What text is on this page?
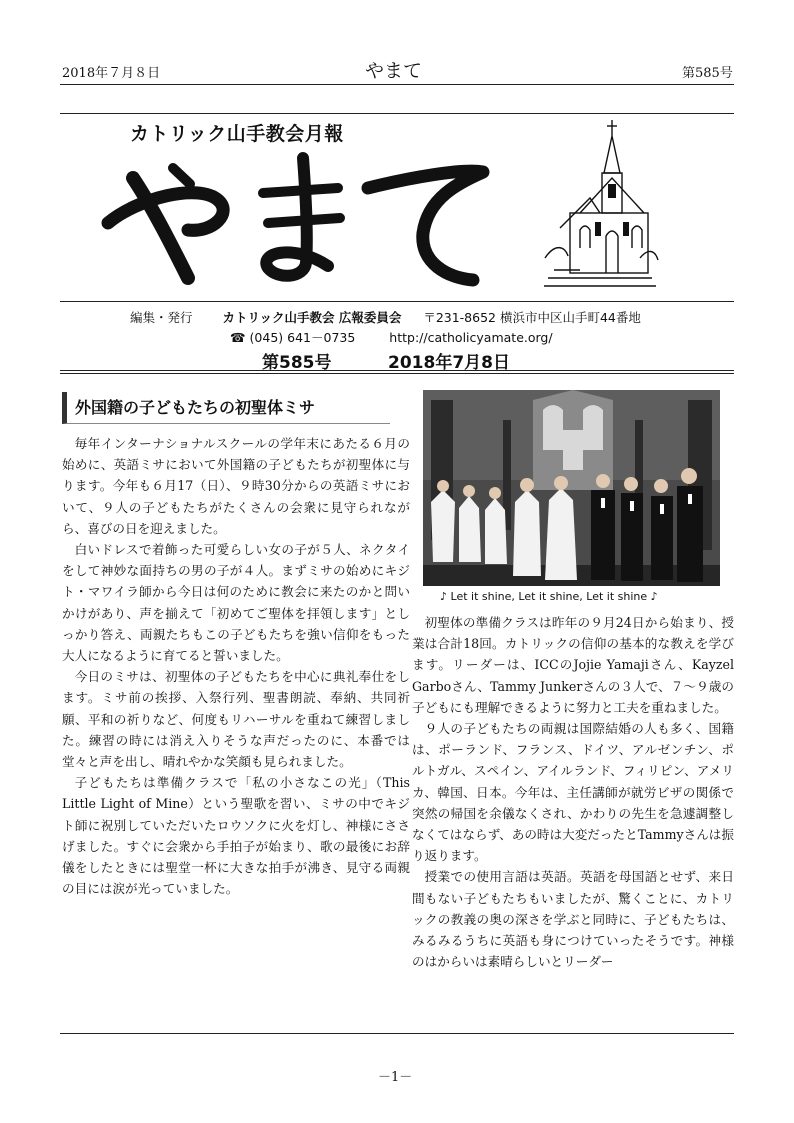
2018年７月８日	やまて	第585号
カトリック山手教会月報
編集・発行 カトリック山手教会 広報委員会 〒231-8652 横浜市中区山手町44番地
☎ (045) 641－0735	http://catholicyamate.org/
第585号	2018年7月8日
外国籍の子どもたちの初聖体ミサ

毎年インターナショナルスクールの学年末にあたる６月の始めに、英語ミサにおいて外国籍の子どもたちが初聖体に与ります。今年も６月17（日）、９時30分からの英語ミサにおいて、９人の子どもたちがたくさんの会衆に見守られながら、喜びの日を迎えました。

白いドレスで着飾った可愛らしい女の子が５人、ネクタイをして神妙な面持ちの男の子が４人。まずミサの始めにキジト・マワイラ師から今日は何のために教会に来たのかと問いかけがあり、声を揃えて「初めてご聖体を拝領します」としっかり答え、両親たちもこの子どもたちを強い信仰をもった大人になるように育てると誓いました。

今日のミサは、初聖体の子どもたちを中心に典礼奉仕をします。ミサ前の挨拶、入祭行列、聖書朗読、奉納、共同祈願、平和の祈りなど、何度もリハーサルを重ねて練習しました。練習の時には消え入りそうな声だったのに、本番では堂々と声を出し、晴れやかな笑顔も見られました。

子どもたちは準備クラスで「私の小さなこの光」（This Little Light of Mine）という聖歌を習い、ミサの中でキジト師に祝別していただいたロウソクに火を灯し、神様にささげました。すぐに会衆から手拍子が始まり、歌の最後にお辞儀をしたときには聖堂一杯に大きな拍手が沸き、見守る両親の目には涙が光っていました。

♪ Let it shine, Let it shine, Let it shine ♪

初聖体の準備クラスは昨年の９月24日から始まり、授業は合計18回。カトリックの信仰の基本的な教えを学びます。リーダーは、ICCのJojie Yamajiさん、Kayzel Garboさん、Tammy Junkerさんの３人で、７～９歳の子どもにも理解できるように努力と工夫を重ねました。

９人の子どもたちの両親は国際結婚の人も多く、国籍は、ポーランド、フランス、ドイツ、アルゼンチン、ポルトガル、スペイン、アイルランド、フィリピン、アメリカ、韓国、日本。今年は、主任講師が就労ビザの関係で突然の帰国を余儀なくされ、かわりの先生を急遽調整しなくてはならず、あの時は大変だったとTammyさんは振り返ります。

授業での使用言語は英語。英語を母国語とせず、来日間もない子どもたちもいましたが、驚くことに、カトリックの教義の奥の深さを学ぶと同時に、子どもたちは、みるみるうちに英語も身につけていったそうです。神様のはからいは素晴らしいとリーダー

－1－
